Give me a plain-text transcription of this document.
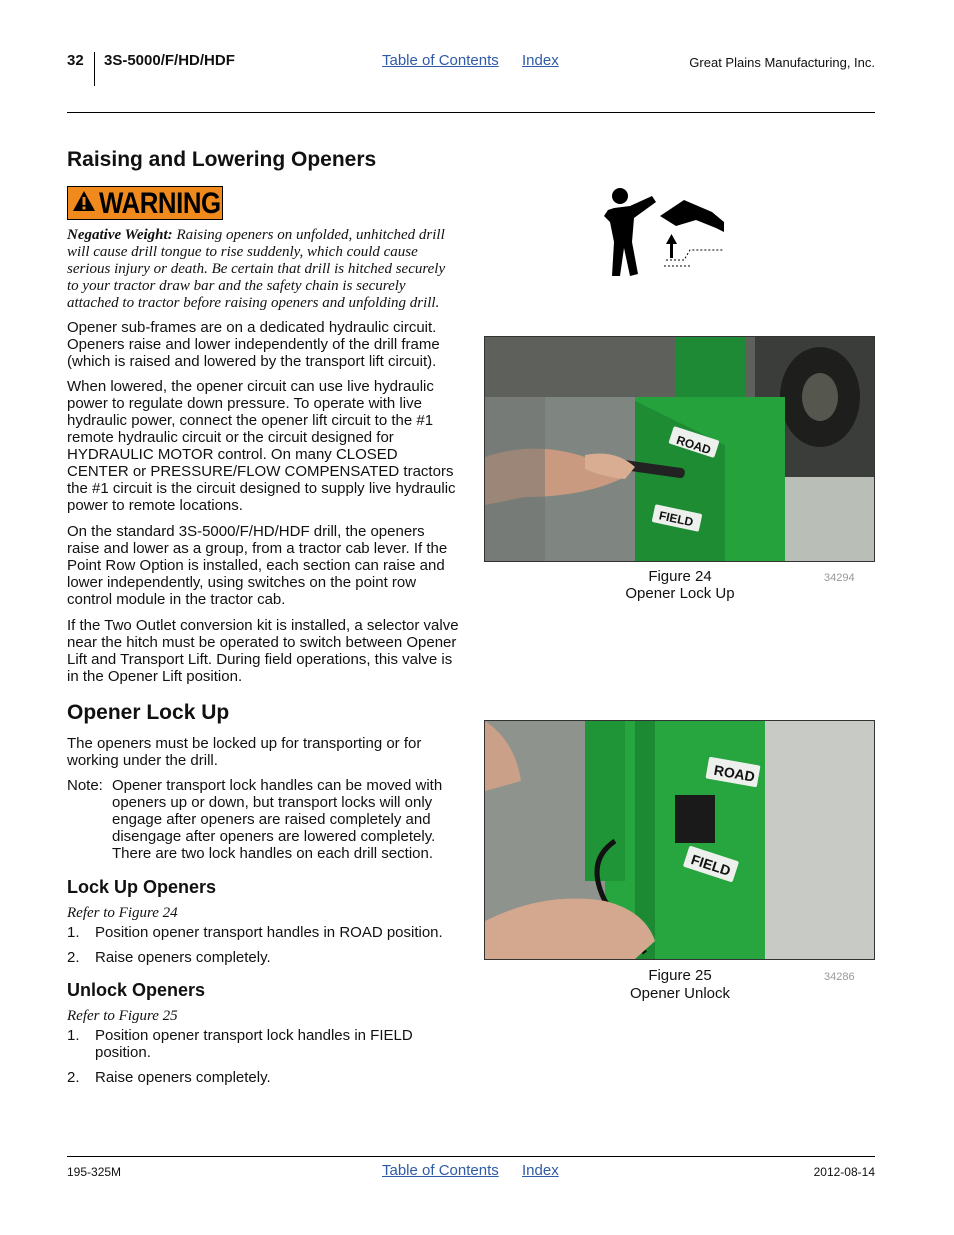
32 3S-5000/F/HD/HDF	Table of Contents Index	Great Plains Manufacturing, Inc.
Raising and Lowering Openers
WARNING
Negative Weight: Raising openers on unfolded, unhitched drill will cause drill tongue to rise suddenly, which could cause serious injury or death. Be certain that drill is hitched securely to your tractor draw bar and the safety chain is securely attached to tractor before raising openers and unfolding drill.

Opener sub-frames are on a dedicated hydraulic circuit. Openers raise and lower independently of the drill frame (which is raised and lowered by the transport lift circuit).

When lowered, the opener circuit can use live hydraulic power to regulate down pressure. To operate with live hydraulic power, connect the opener lift circuit to the #1 remote hydraulic circuit or the circuit designed for HYDRAULIC MOTOR control. On many CLOSED CENTER or PRESSURE/FLOW COMPENSATED tractors the #1 circuit is the circuit designed to supply live hydraulic power to remote locations.

On the standard 3S-5000/F/HD/HDF drill, the openers raise and lower as a group, from a tractor cab lever. If the Point Row Option is installed, each section can raise and lower independently, using switches on the point row control module in the tractor cab.

If the Two Outlet conversion kit is installed, a selector valve near the hitch must be operated to switch between Opener Lift and Transport Lift. During field operations, this valve is in the Opener Lift position.

Opener Lock Up

The openers must be locked up for transporting or for working under the drill.

Note: Opener transport lock handles can be moved with openers up or down, but transport locks will only engage after openers are raised completely and disengage after openers are lowered completely. There are two lock handles on each drill section.
Lock Up Openers
Refer to Figure 24
1. Position opener transport handles in ROAD position.
2. Raise openers completely.
Unlock Openers
Refer to Figure 25
1. Position opener transport lock handles in FIELD position.
2. Raise openers completely.
ROAD
FIELD
Figure 24
Opener Lock Up
34294
ROAD
FIELD
Figure 25
Opener Unlock
34286
195-325M	Table of Contents Index	2012-08-14
